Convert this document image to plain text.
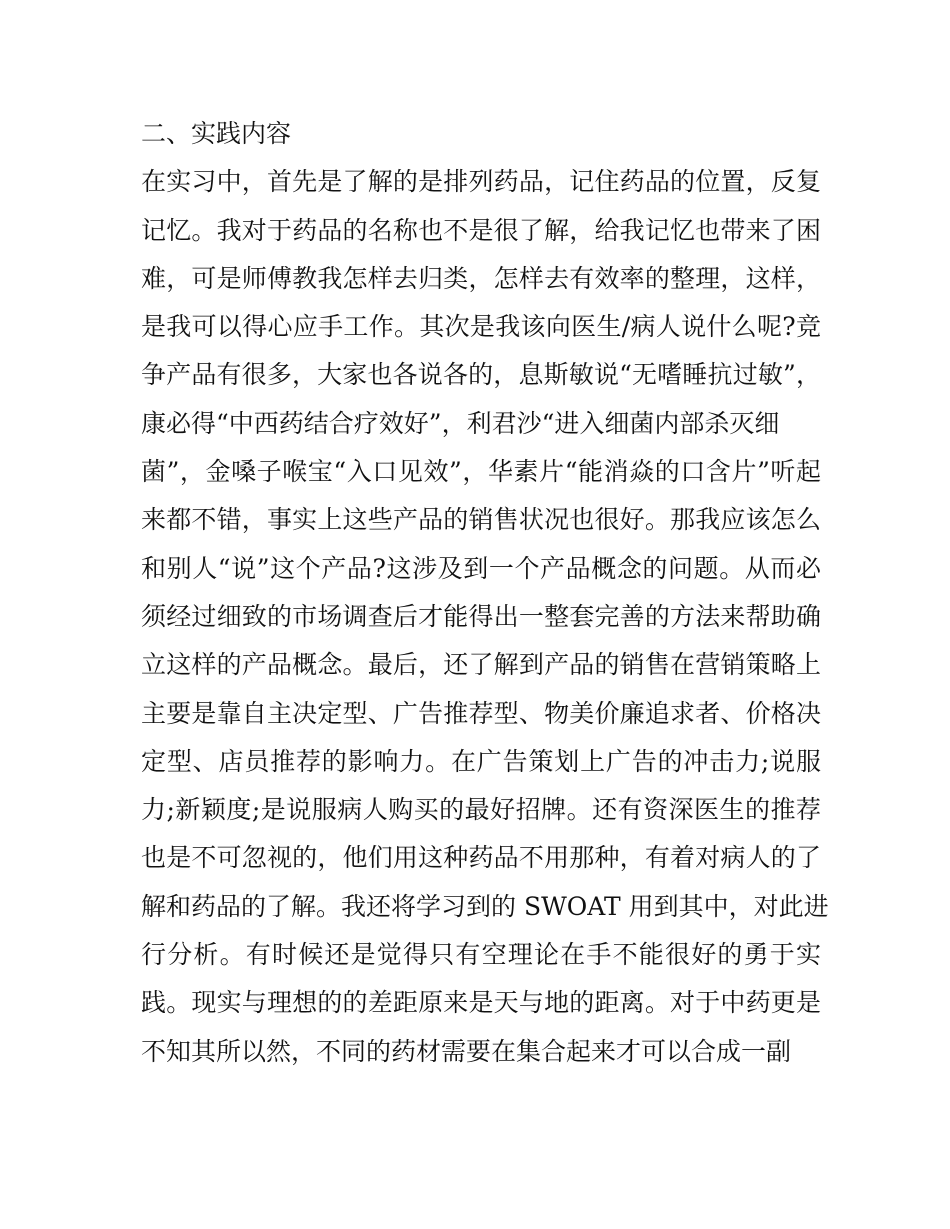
二、实践内容
在实习中，首先是了解的是排列药品，记住药品的位置，反复
记忆。我对于药品的名称也不是很了解，给我记忆也带来了困
难，可是师傅教我怎样去归类，怎样去有效率的整理，这样，
是我可以得心应手工作。其次是我该向医生/病人说什么呢?竞
争产品有很多，大家也各说各的，息斯敏说“无嗜睡抗过敏”，
康必得“中西药结合疗效好”，利君沙“进入细菌内部杀灭细
菌”，金嗓子喉宝“入口见效”，华素片“能消焱的口含片”听起
来都不错，事实上这些产品的销售状况也很好。那我应该怎么
和别人“说”这个产品?这涉及到一个产品概念的问题。从而必
须经过细致的市场调查后才能得出一整套完善的方法来帮助确
立这样的产品概念。最后，还了解到产品的销售在营销策略上
主要是靠自主决定型、广告推荐型、物美价廉追求者、价格决
定型、店员推荐的影响力。在广告策划上广告的冲击力;说服
力;新颖度;是说服病人购买的最好招牌。还有资深医生的推荐
也是不可忽视的，他们用这种药品不用那种，有着对病人的了
解和药品的了解。我还将学习到的 SWOAT 用到其中，对此进
行分析。有时候还是觉得只有空理论在手不能很好的勇于实
践。现实与理想的的差距原来是天与地的距离。对于中药更是
不知其所以然，不同的药材需要在集合起来才可以合成一副
